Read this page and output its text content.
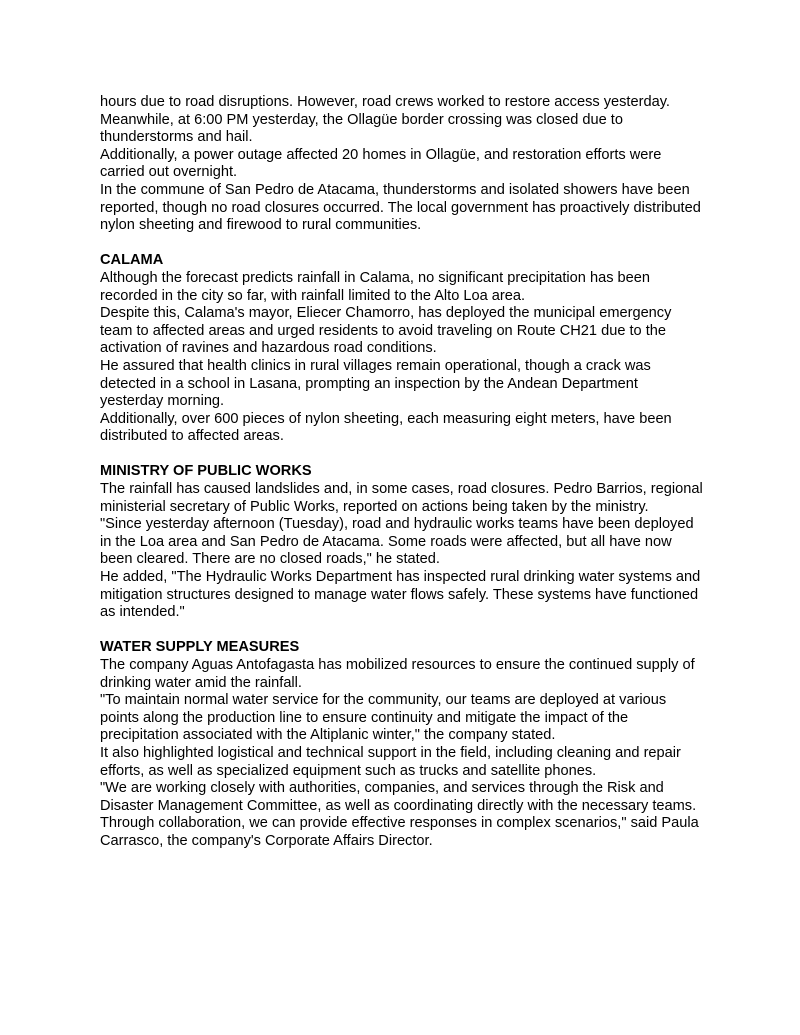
hours due to road disruptions. However, road crews worked to restore access yesterday.

Meanwhile, at 6:00 PM yesterday, the Ollagüe border crossing was closed due to thunderstorms and hail.

Additionally, a power outage affected 20 homes in Ollagüe, and restoration efforts were carried out overnight.

In the commune of San Pedro de Atacama, thunderstorms and isolated showers have been reported, though no road closures occurred. The local government has proactively distributed nylon sheeting and firewood to rural communities.

CALAMA

Although the forecast predicts rainfall in Calama, no significant precipitation has been recorded in the city so far, with rainfall limited to the Alto Loa area.

Despite this, Calama's mayor, Eliecer Chamorro, has deployed the municipal emergency team to affected areas and urged residents to avoid traveling on Route CH21 due to the activation of ravines and hazardous road conditions.

He assured that health clinics in rural villages remain operational, though a crack was detected in a school in Lasana, prompting an inspection by the Andean Department yesterday morning.

Additionally, over 600 pieces of nylon sheeting, each measuring eight meters, have been distributed to affected areas.

MINISTRY OF PUBLIC WORKS

The rainfall has caused landslides and, in some cases, road closures. Pedro Barrios, regional ministerial secretary of Public Works, reported on actions being taken by the ministry.

"Since yesterday afternoon (Tuesday), road and hydraulic works teams have been deployed in the Loa area and San Pedro de Atacama. Some roads were affected, but all have now been cleared. There are no closed roads," he stated.

He added, "The Hydraulic Works Department has inspected rural drinking water systems and mitigation structures designed to manage water flows safely. These systems have functioned as intended."

WATER SUPPLY MEASURES

The company Aguas Antofagasta has mobilized resources to ensure the continued supply of drinking water amid the rainfall.

"To maintain normal water service for the community, our teams are deployed at various points along the production line to ensure continuity and mitigate the impact of the precipitation associated with the Altiplanic winter," the company stated.

It also highlighted logistical and technical support in the field, including cleaning and repair efforts, as well as specialized equipment such as trucks and satellite phones.

"We are working closely with authorities, companies, and services through the Risk and Disaster Management Committee, as well as coordinating directly with the necessary teams. Through collaboration, we can provide effective responses in complex scenarios," said Paula Carrasco, the company's Corporate Affairs Director.
